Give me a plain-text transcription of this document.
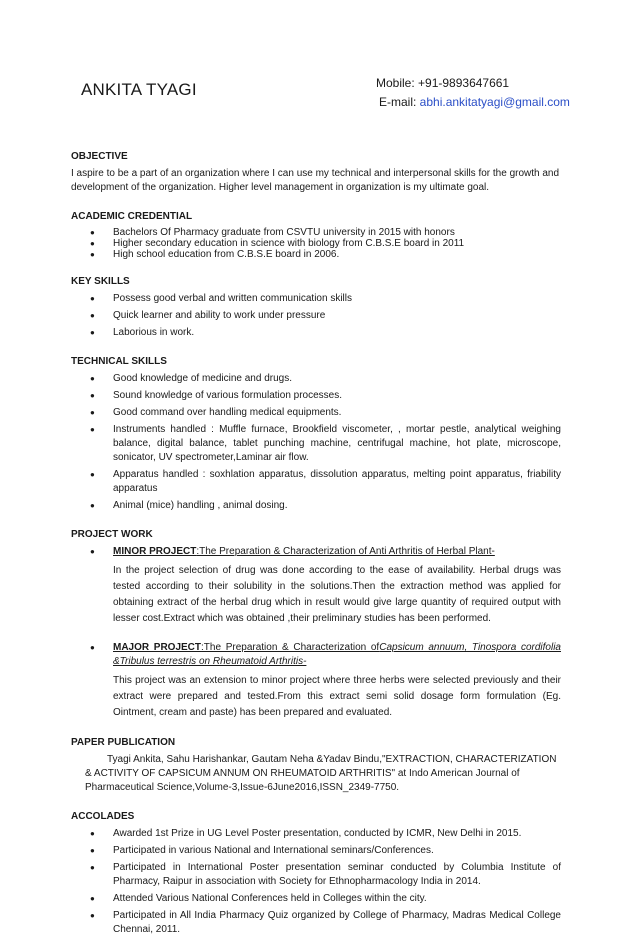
ANKITA TYAGI	Mobile: +91-9893647661
E-mail: abhi.ankitatyagi@gmail.com
OBJECTIVE

I aspire to be a part of an organization where I can use my technical and interpersonal skills for the growth and development of the organization. Higher level management in organization is my ultimate goal.

ACADEMIC CREDENTIAL
● Bachelors Of Pharmacy graduate from CSVTU university in 2015 with honors
● Higher secondary education in science with biology from C.B.S.E board in 2011
● High school education from C.B.S.E board in 2006.
KEY SKILLS
● Possess good verbal and written communication skills
● Quick learner and ability to work under pressure
● Laborious in work.
TECHNICAL SKILLS
● Good knowledge of medicine and drugs.
● Sound knowledge of various formulation processes.
● Good command over handling medical equipments.
● Instruments handled : Muffle furnace, Brookfield viscometer, , mortar pestle, analytical weighing balance, digital balance, tablet punching machine, centrifugal machine, hot plate, microscope, sonicator, UV spectrometer,Laminar air flow.
● Apparatus handled : soxhlation apparatus, dissolution apparatus, melting point apparatus, friability apparatus
● Animal (mice) handling , animal dosing.
PROJECT WORK
● MINOR PROJECT:The Preparation & Characterization of Anti Arthritis of Herbal Plant-

In the project selection of drug was done according to the ease of availability. Herbal drugs was tested according to their solubility in the solutions.Then the extraction method was applied for obtaining extract of the herbal drug which in result would give large quantity of required output with lesser cost.Extract which was obtained ,their preliminary studies has been performed.

● MAJOR PROJECT:The Preparation & Characterization ofCapsicum annuum, Tinospora cordifolia &Tribulus terrestris on Rheumatoid Arthritis-

This project was an extension to minor project where three herbs were selected previously and their extract were prepared and tested.From this extract semi solid dosage form formulation (Eg. Ointment, cream and paste) has been prepared and evaluated.

PAPER PUBLICATION
Tyagi Ankita, Sahu Harishankar, Gautam Neha &Yadav Bindu,"EXTRACTION, CHARACTERIZATION
& ACTIVITY OF CAPSICUM ANNUM ON RHEUMATOID ARTHRITIS" at Indo American Journal of
Pharmaceutical Science,Volume-3,Issue-6June2016,ISSN_2349-7750.
ACCOLADES
● Awarded 1st Prize in UG Level Poster presentation, conducted by ICMR, New Delhi in 2015.
● Participated in various National and International seminars/Conferences.
● Participated in International Poster presentation seminar conducted by Columbia Institute of Pharmacy, Raipur in association with Society for Ethnopharmacology India in 2014.
● Attended Various National Conferences held in Colleges within the city.
● Participated in All India Pharmacy Quiz organized by College of Pharmacy, Madras Medical College Chennai, 2011.
